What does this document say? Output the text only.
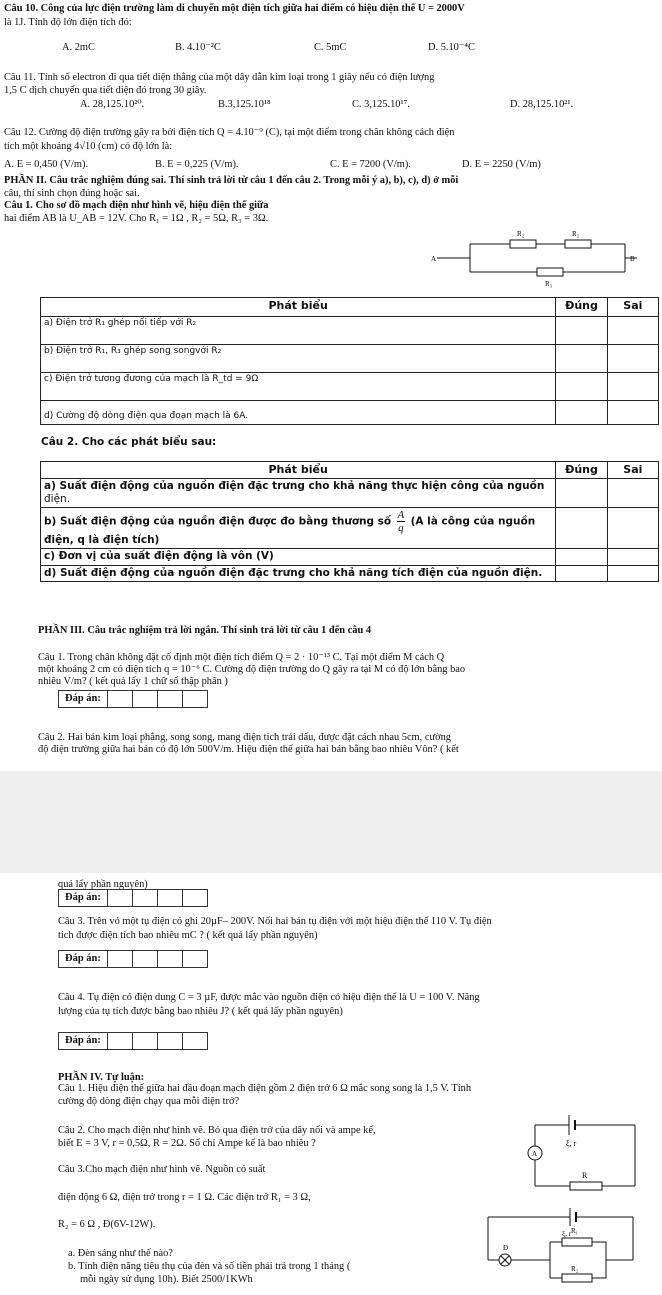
Câu 10. Công của lực điện trường làm di chuyển một điện tích giữa hai điểm có hiệu điện thế U = 2000V
là 1J. Tính độ lớn điện tích đó:
A. 2mC	B. 4.10⁻²C	C. 5mC	D. 5.10⁻⁴C
Câu 11. Tính số electron đi qua tiết diện thẳng của một dây dẫn kim loại trong 1 giây nếu có điện lượng
1,5 C dịch chuyển qua tiết diện đó trong 30 giây.
A. 28,125.10²⁰.	B.3,125.10¹⁸	C. 3,125.10¹⁷.	D. 28,125.10²¹.
Câu 12. Cường độ điện trường gây ra bởi điện tích Q = 4.10⁻⁹ (C), tại một điểm trong chân không cách điện
tích một khoảng 4√10 (cm) có độ lớn là:
A. E = 0,450 (V/m).	B. E = 0,225 (V/m).	C. E = 7200 (V/m).	D. E = 2250 (V/m)
PHẦN II. Câu trắc nghiệm đúng sai. Thí sinh trả lời từ câu 1 đến câu 2. Trong mỗi ý a), b), c), d) ở mỗi
câu, thí sinh chọn đúng hoặc sai.
Câu 1. Cho sơ đồ mạch điện như hình vẽ, hiệu điện thế giữa
hai điểm AB là U_AB = 12V. Cho R₁ = 1Ω , R₂ = 5Ω, R₃ = 3Ω.
A	B
R₂	R₂
R₃
Phát biểu	Đúng	Sai
a) Điện trở R₁ ghép nối tiếp với R₂		
b) Điện trở R₁, R₃ ghép song songvới R₂		
c) Điện trở tương đương của mạch là R_td = 9Ω		
d) Cường độ dòng điện qua đoạn mạch là 6A.		
Câu 2. Cho các phát biểu sau:
Phát biểu	Đúng	Sai
a) Suất điện động của nguồn điện đặc trưng cho khả năng thực hiện công của nguồn
điện.		
b) Suất điện động của nguồn điện được đo bằng thương số $\frac{A}{q} (A$ là công của nguồn
điện, q là điện tích)		
c) Đơn vị của suất điện động là vôn (V)		
d) Suất điện động của nguồn điện đặc trưng cho khả năng tích điện của nguồn điện.		
PHẦN III. Câu trắc nghiệm trả lời ngắn. Thí sinh trả lời từ câu 1 đến câu 4
Câu 1. Trong chân không đặt cố định một điện tích điểm Q = 2 · 10⁻¹³ C. Tại một điểm M cách Q
một khoảng 2 cm có điện tích q = 10⁻⁶ C. Cường độ điện trường do Q gây ra tại M có độ lớn bằng bao
nhiêu V/m? ( kết quả lấy 1 chữ số thập phân )
Đáp án:
Câu 2. Hai bản kim loại phẳng, song song, mang điện tích trái dấu, được đặt cách nhau 5cm, cường
độ điện trường giữa hai bản có độ lớn 500V/m. Hiệu điện thế giữa hai bản bằng bao nhiêu Vôn? ( kết
quả lấy phần nguyên)
Đáp án:
Câu 3. Trên vỏ một tụ điện có ghi 20µF– 200V. Nối hai bản tụ điện với một hiệu điện thế 110 V. Tụ điện
tích được điện tích bao nhiêu mC ? ( kết quả lấy phần nguyên)
Đáp án:
Câu 4. Tụ điện có điện dung C = 3 µF, được mắc vào nguồn điện có hiệu điện thế là U = 100 V. Năng
lượng của tụ tích được bằng bao nhiêu J? ( kết quả lấy phần nguyên)
Đáp án:
PHẦN IV. Tự luận:
Câu 1. Hiệu điện thế giữa hai đầu đoạn mạch điện gồm 2 điện trở 6 Ω mắc song song là 1,5 V. Tính
cường độ dòng điện chạy qua mỗi điện trở?
Câu 2. Cho mạch điện như hình vẽ. Bỏ qua điện trở của dây nối và ampe kế,
biết E = 3 V, r = 0,5Ω, R = 2Ω. Số chỉ Ampe kế là bao nhiêu ?
Câu 3.Cho mạch điện như hình vẽ. Nguồn có suất
điện động 6 Ω, điện trở trong r = 1 Ω. Các điện trở R₁ = 3 Ω,
R₂ = 6 Ω , Đ(6V-12W).
a. Đèn sáng như thế nào?
b. Tính điện năng tiêu thụ của đèn và số tiền phải trả trong 1 tháng (
mỗi ngày sử dụng 10h). Biết 2500/1KWh
ξ, r
A
R
ξ, r R₁
R₂
Đ
